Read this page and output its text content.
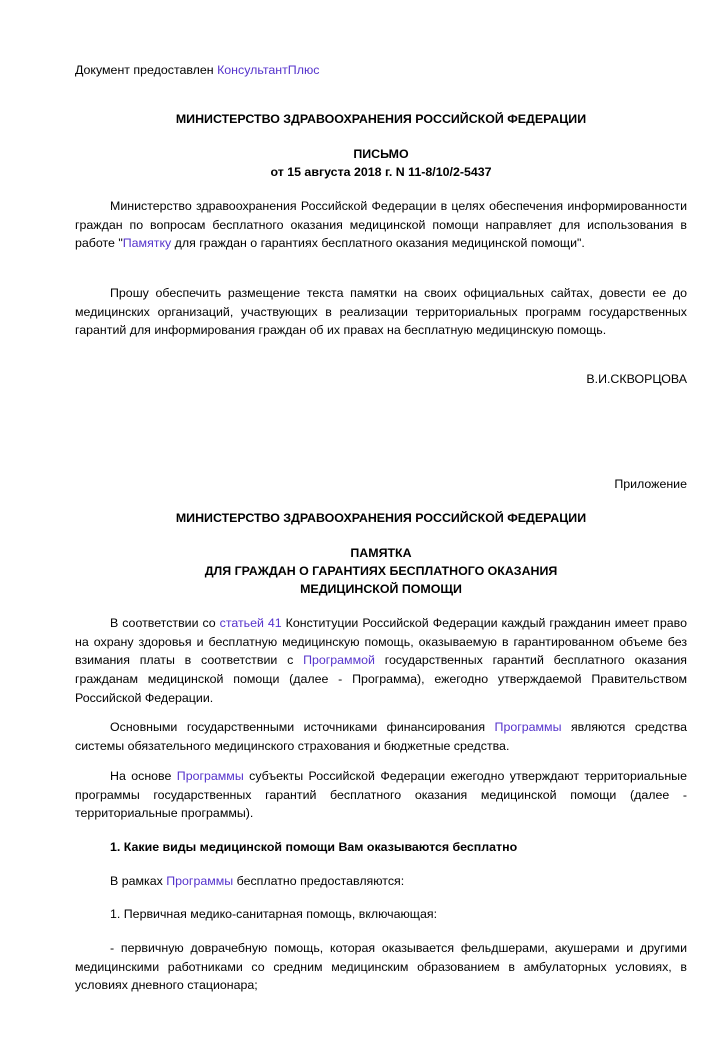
Документ предоставлен КонсультантПлюс
МИНИСТЕРСТВО ЗДРАВООХРАНЕНИЯ РОССИЙСКОЙ ФЕДЕРАЦИИ
ПИСЬМО
от 15 августа 2018 г. N 11-8/10/2-5437
Министерство здравоохранения Российской Федерации в целях обеспечения информированности граждан по вопросам бесплатного оказания медицинской помощи направляет для использования в работе "Памятку для граждан о гарантиях бесплатного оказания медицинской помощи".
Прошу обеспечить размещение текста памятки на своих официальных сайтах, довести ее до медицинских организаций, участвующих в реализации территориальных программ государственных гарантий для информирования граждан об их правах на бесплатную медицинскую помощь.
В.И.СКВОРЦОВА
Приложение
МИНИСТЕРСТВО ЗДРАВООХРАНЕНИЯ РОССИЙСКОЙ ФЕДЕРАЦИИ
ПАМЯТКА
ДЛЯ ГРАЖДАН О ГАРАНТИЯХ БЕСПЛАТНОГО ОКАЗАНИЯ
МЕДИЦИНСКОЙ ПОМОЩИ
В соответствии со статьей 41 Конституции Российской Федерации каждый гражданин имеет право на охрану здоровья и бесплатную медицинскую помощь, оказываемую в гарантированном объеме без взимания платы в соответствии с Программой государственных гарантий бесплатного оказания гражданам медицинской помощи (далее - Программа), ежегодно утверждаемой Правительством Российской Федерации.
Основными государственными источниками финансирования Программы являются средства системы обязательного медицинского страхования и бюджетные средства.
На основе Программы субъекты Российской Федерации ежегодно утверждают территориальные программы государственных гарантий бесплатного оказания медицинской помощи (далее - территориальные программы).
1. Какие виды медицинской помощи Вам оказываются бесплатно
В рамках Программы бесплатно предоставляются:
1. Первичная медико-санитарная помощь, включающая:
- первичную доврачебную помощь, которая оказывается фельдшерами, акушерами и другими медицинскими работниками со средним медицинским образованием в амбулаторных условиях, в условиях дневного стационара;
